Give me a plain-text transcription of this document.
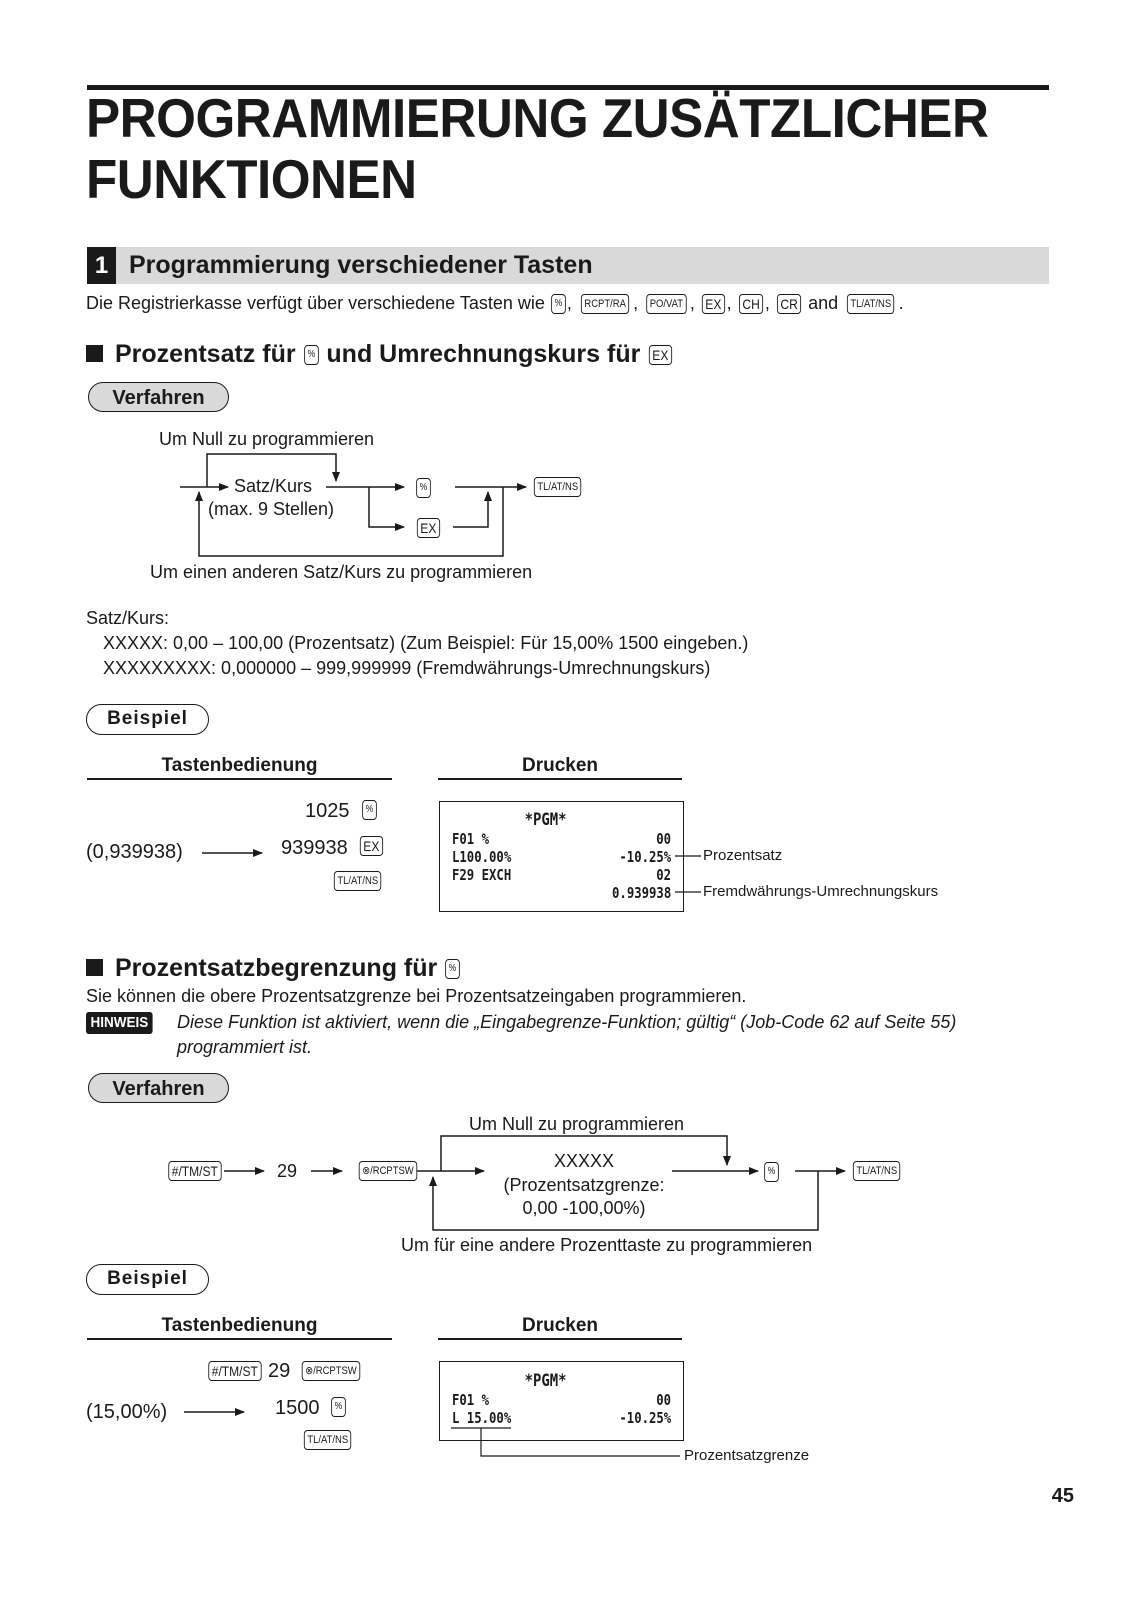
PROGRAMMIERUNG ZUSÄTZLICHER
FUNKTIONEN
1 Programmierung verschiedener Tasten
Die Registrierkasse verfügt über verschiedene Tasten wie % , RCPT/RA , PO/VAT , EX , CH , CR and TL/AT/NS .
Prozentsatz für % und Umrechnungskurs für EX
Verfahren
Um Null zu programmieren
Satz/Kurs
(max. 9 Stellen)
%
EX
TL/AT/NS
Um einen anderen Satz/Kurs zu programmieren
Satz/Kurs:
XXXXX: 0,00 – 100,00 (Prozentsatz) (Zum Beispiel: Für 15,00% 1500 eingeben.)
XXXXXXXXX: 0,000000 – 999,999999 (Fremdwährungs-Umrechnungskurs)
Beispiel
Tastenbedienung	Drucken
1025	%
(0,939938)	939938	EX
TL/AT/NS
*PGM*
F01 %	00
L100.00%	-10.25%
F29 EXCH	02
0.939938
Prozentsatz
Fremdwährungs-Umrechnungskurs
Prozentsatzbegrenzung für %
Sie können die obere Prozentsatzgrenze bei Prozentsatzeingaben programmieren.
HINWEIS Diese Funktion ist aktiviert, wenn die „Eingabegrenze-Funktion; gültig“ (Job-Code 62 auf Seite 55)
programmiert ist.
Verfahren
#/TM/ST	29	⊗/RCPTSW
Um Null zu programmieren
XXXXX
(Prozentsatzgrenze:
0,00 -100,00%)
%	TL/AT/NS
Um für eine andere Prozenttaste zu programmieren
Beispiel
Tastenbedienung	Drucken
#/TM/ST 29	⊗/RCPTSW
(15,00%)	1500	%
TL/AT/NS
*PGM*
F01 %	00
L 15.00%	-10.25%
Prozentsatzgrenze
45
